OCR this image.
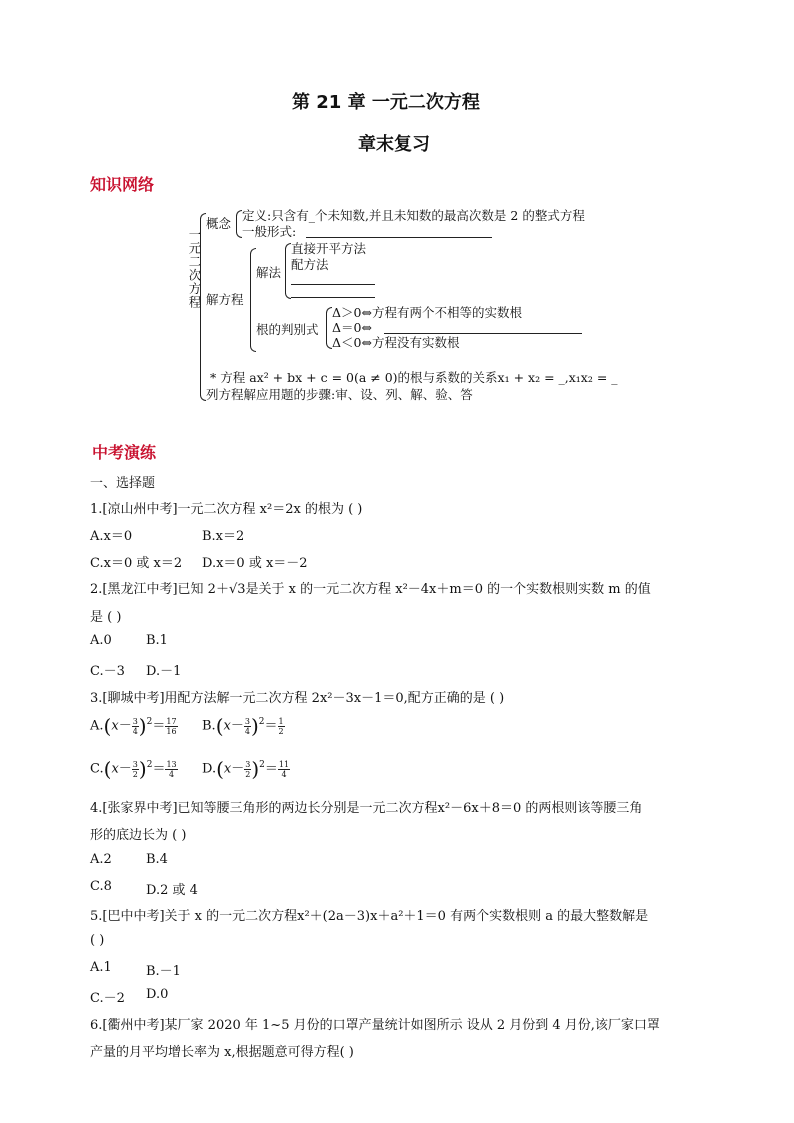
第 21 章 一元二次方程
章末复习
知识网络
一元二次方程
概念
定义:只含有_个未知数,并且未知数的最高次数是 2 的整式方程
一般形式:
解方程
解法
直接开平方法
配方法
根的判别式
Δ＞0⇔方程有两个不相等的实数根
Δ＝0⇔
Δ＜0⇔方程没有实数根
* 方程 ax² + bx + c = 0(a ≠ 0)的根与系数的关系x₁ + x₂ = _,x₁x₂ = _
列方程解应用题的步骤:审、设、列、解、验、答
中考演练
一、选择题
1.[凉山州中考]一元二次方程 x²＝2x 的根为 ( )
A.x＝0	B.x＝2
C.x＝0 或 x＝2 D.x＝0 或 x＝－2
2.[黑龙江中考]已知 2＋√3是关于 x 的一元二次方程 x²－4x＋m＝0 的一个实数根则实数 m 的值
是 ( )
A.0	B.1
C.－3 D.－1
3.[聊城中考]用配方法解一元二次方程 2x²－3x－1＝0,配方正确的是 ( )
$A.(x- \frac{3}{4} )^2= \frac{17}{16} B.(x- \frac{3}{4} )^2= \frac{1}{2}$
$C.(x- \frac{3}{2} )^2= \frac{13}{4} D.(x- \frac{3}{2} )^2= \frac{11}{4}$
4.[张家界中考]已知等腰三角形的两边长分别是一元二次方程x²－6x＋8＝0 的两根则该等腰三角
形的底边长为 ( )
A.2	B.4
C.8	D.2 或 4
5.[巴中中考]关于 x 的一元二次方程x²＋(2a－3)x＋a²＋1＝0 有两个实数根则 a 的最大整数解是
( )
A.1	B.－1
C.－2 D.0
6.[衢州中考]某厂家 2020 年 1~5 月份的口罩产量统计如图所示 设从 2 月份到 4 月份,该厂家口罩
产量的月平均增长率为 x,根据题意可得方程( )
